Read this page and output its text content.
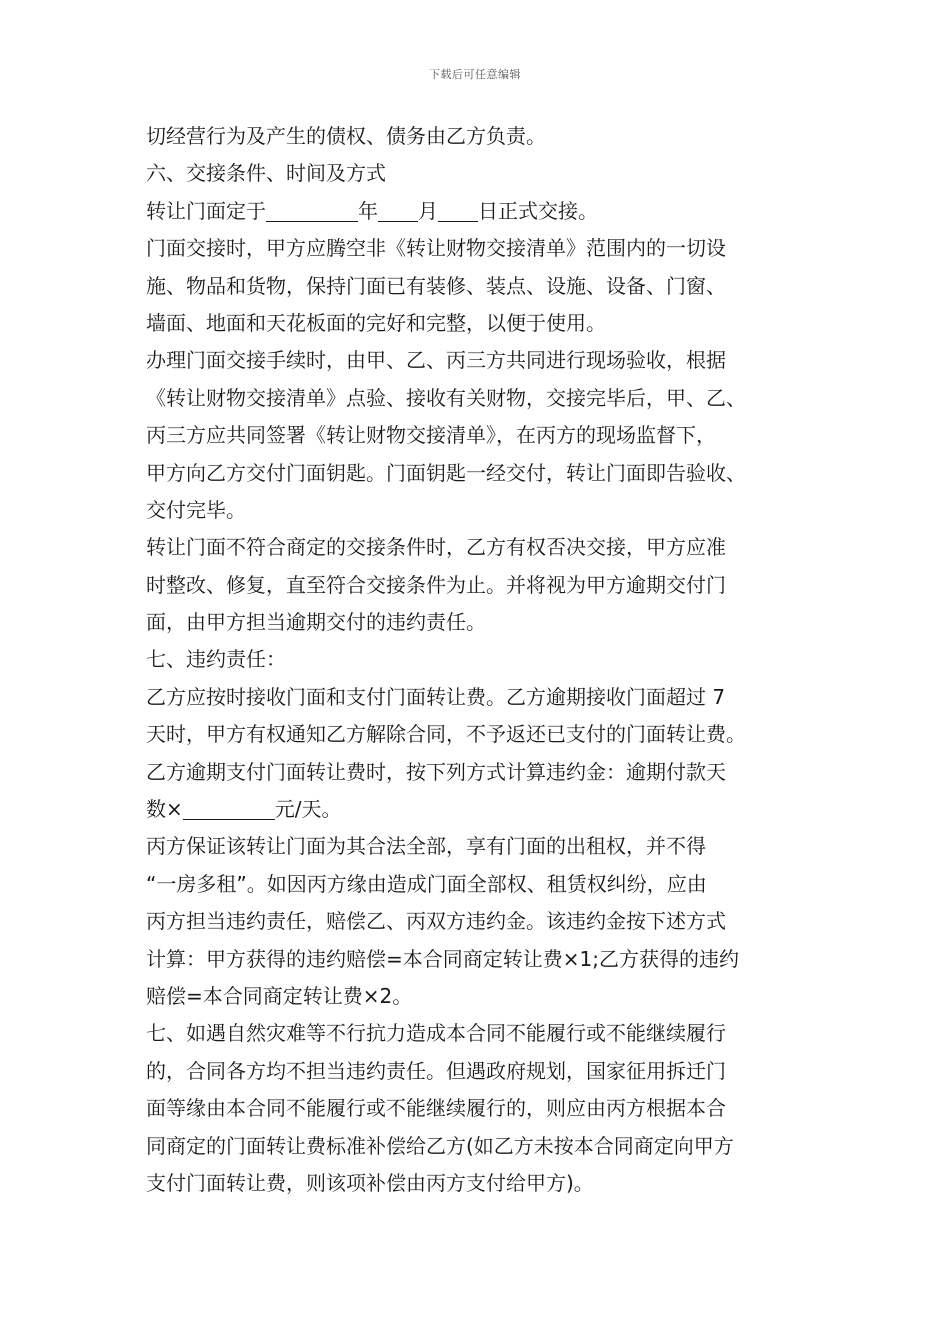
下载后可任意编辑
切经营行为及产生的债权、债务由乙方负责。
六、交接条件、时间及方式
转让门面定于	年 月 日正式交接。
门面交接时，甲方应腾空非《转让财物交接清单》范围内的一切设
施、物品和货物，保持门面已有装修、装点、设施、设备、门窗、
墙面、地面和天花板面的完好和完整，以便于使用。
办理门面交接手续时，由甲、乙、丙三方共同进行现场验收，根据
《转让财物交接清单》点验、接收有关财物，交接完毕后，甲、乙、
丙三方应共同签署《转让财物交接清单》，在丙方的现场监督下，
甲方向乙方交付门面钥匙。门面钥匙一经交付，转让门面即告验收、
交付完毕。
转让门面不符合商定的交接条件时，乙方有权否决交接，甲方应准
时整改、修复，直至符合交接条件为止。并将视为甲方逾期交付门
面，由甲方担当逾期交付的违约责任。
七、违约责任：
乙方应按时接收门面和支付门面转让费。乙方逾期接收门面超过 7
天时，甲方有权通知乙方解除合同，不予返还已支付的门面转让费。
乙方逾期支付门面转让费时，按下列方式计算违约金：逾期付款天
数×	元/天。
丙方保证该转让门面为其合法全部，享有门面的出租权，并不得
“一房多租”。如因丙方缘由造成门面全部权、租赁权纠纷，应由
丙方担当违约责任，赔偿乙、丙双方违约金。该违约金按下述方式
计算：甲方获得的违约赔偿=本合同商定转让费×1;乙方获得的违约
赔偿=本合同商定转让费×2。
七、如遇自然灾难等不行抗力造成本合同不能履行或不能继续履行
的，合同各方均不担当违约责任。但遇政府规划，国家征用拆迁门
面等缘由本合同不能履行或不能继续履行的，则应由丙方根据本合
同商定的门面转让费标准补偿给乙方(如乙方未按本合同商定向甲方
支付门面转让费，则该项补偿由丙方支付给甲方)。
